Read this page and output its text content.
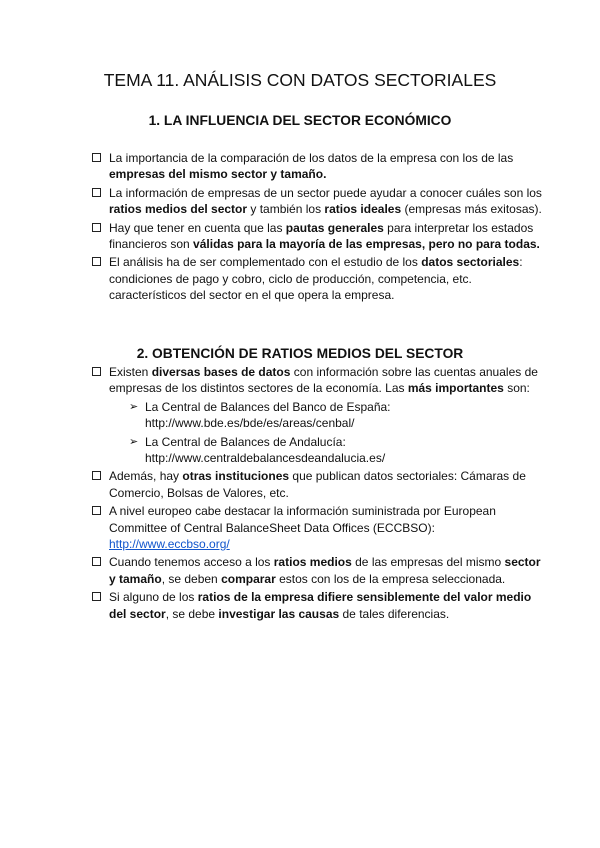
TEMA 11. ANÁLISIS CON DATOS SECTORIALES
1. LA INFLUENCIA DEL SECTOR ECONÓMICO
La importancia de la comparación de los datos de la empresa con los de las empresas del mismo sector y tamaño.
La información de empresas de un sector puede ayudar a conocer cuáles son los ratios medios del sector y también los ratios ideales (empresas más exitosas).
Hay que tener en cuenta que las pautas generales para interpretar los estados financieros son válidas para la mayoría de las empresas, pero no para todas.
El análisis ha de ser complementado con el estudio de los datos sectoriales: condiciones de pago y cobro, ciclo de producción, competencia, etc. característicos del sector en el que opera la empresa.
2. OBTENCIÓN DE RATIOS MEDIOS DEL SECTOR
Existen diversas bases de datos con información sobre las cuentas anuales de empresas de los distintos sectores de la economía. Las más importantes son:
➢ La Central de Balances del Banco de España:
http://www.bde.es/bde/es/areas/cenbal/
➢ La Central de Balances de Andalucía:
http://www.centraldebalancesdeandalucia.es/
Además, hay otras instituciones que publican datos sectoriales: Cámaras de Comercio, Bolsas de Valores, etc.
A nivel europeo cabe destacar la información suministrada por European Committee of Central BalanceSheet Data Offices (ECCBSO): http://www.eccbso.org/
Cuando tenemos acceso a los ratios medios de las empresas del mismo sector y tamaño, se deben comparar estos con los de la empresa seleccionada.
Si alguno de los ratios de la empresa difiere sensiblemente del valor medio del sector, se debe investigar las causas de tales diferencias.
